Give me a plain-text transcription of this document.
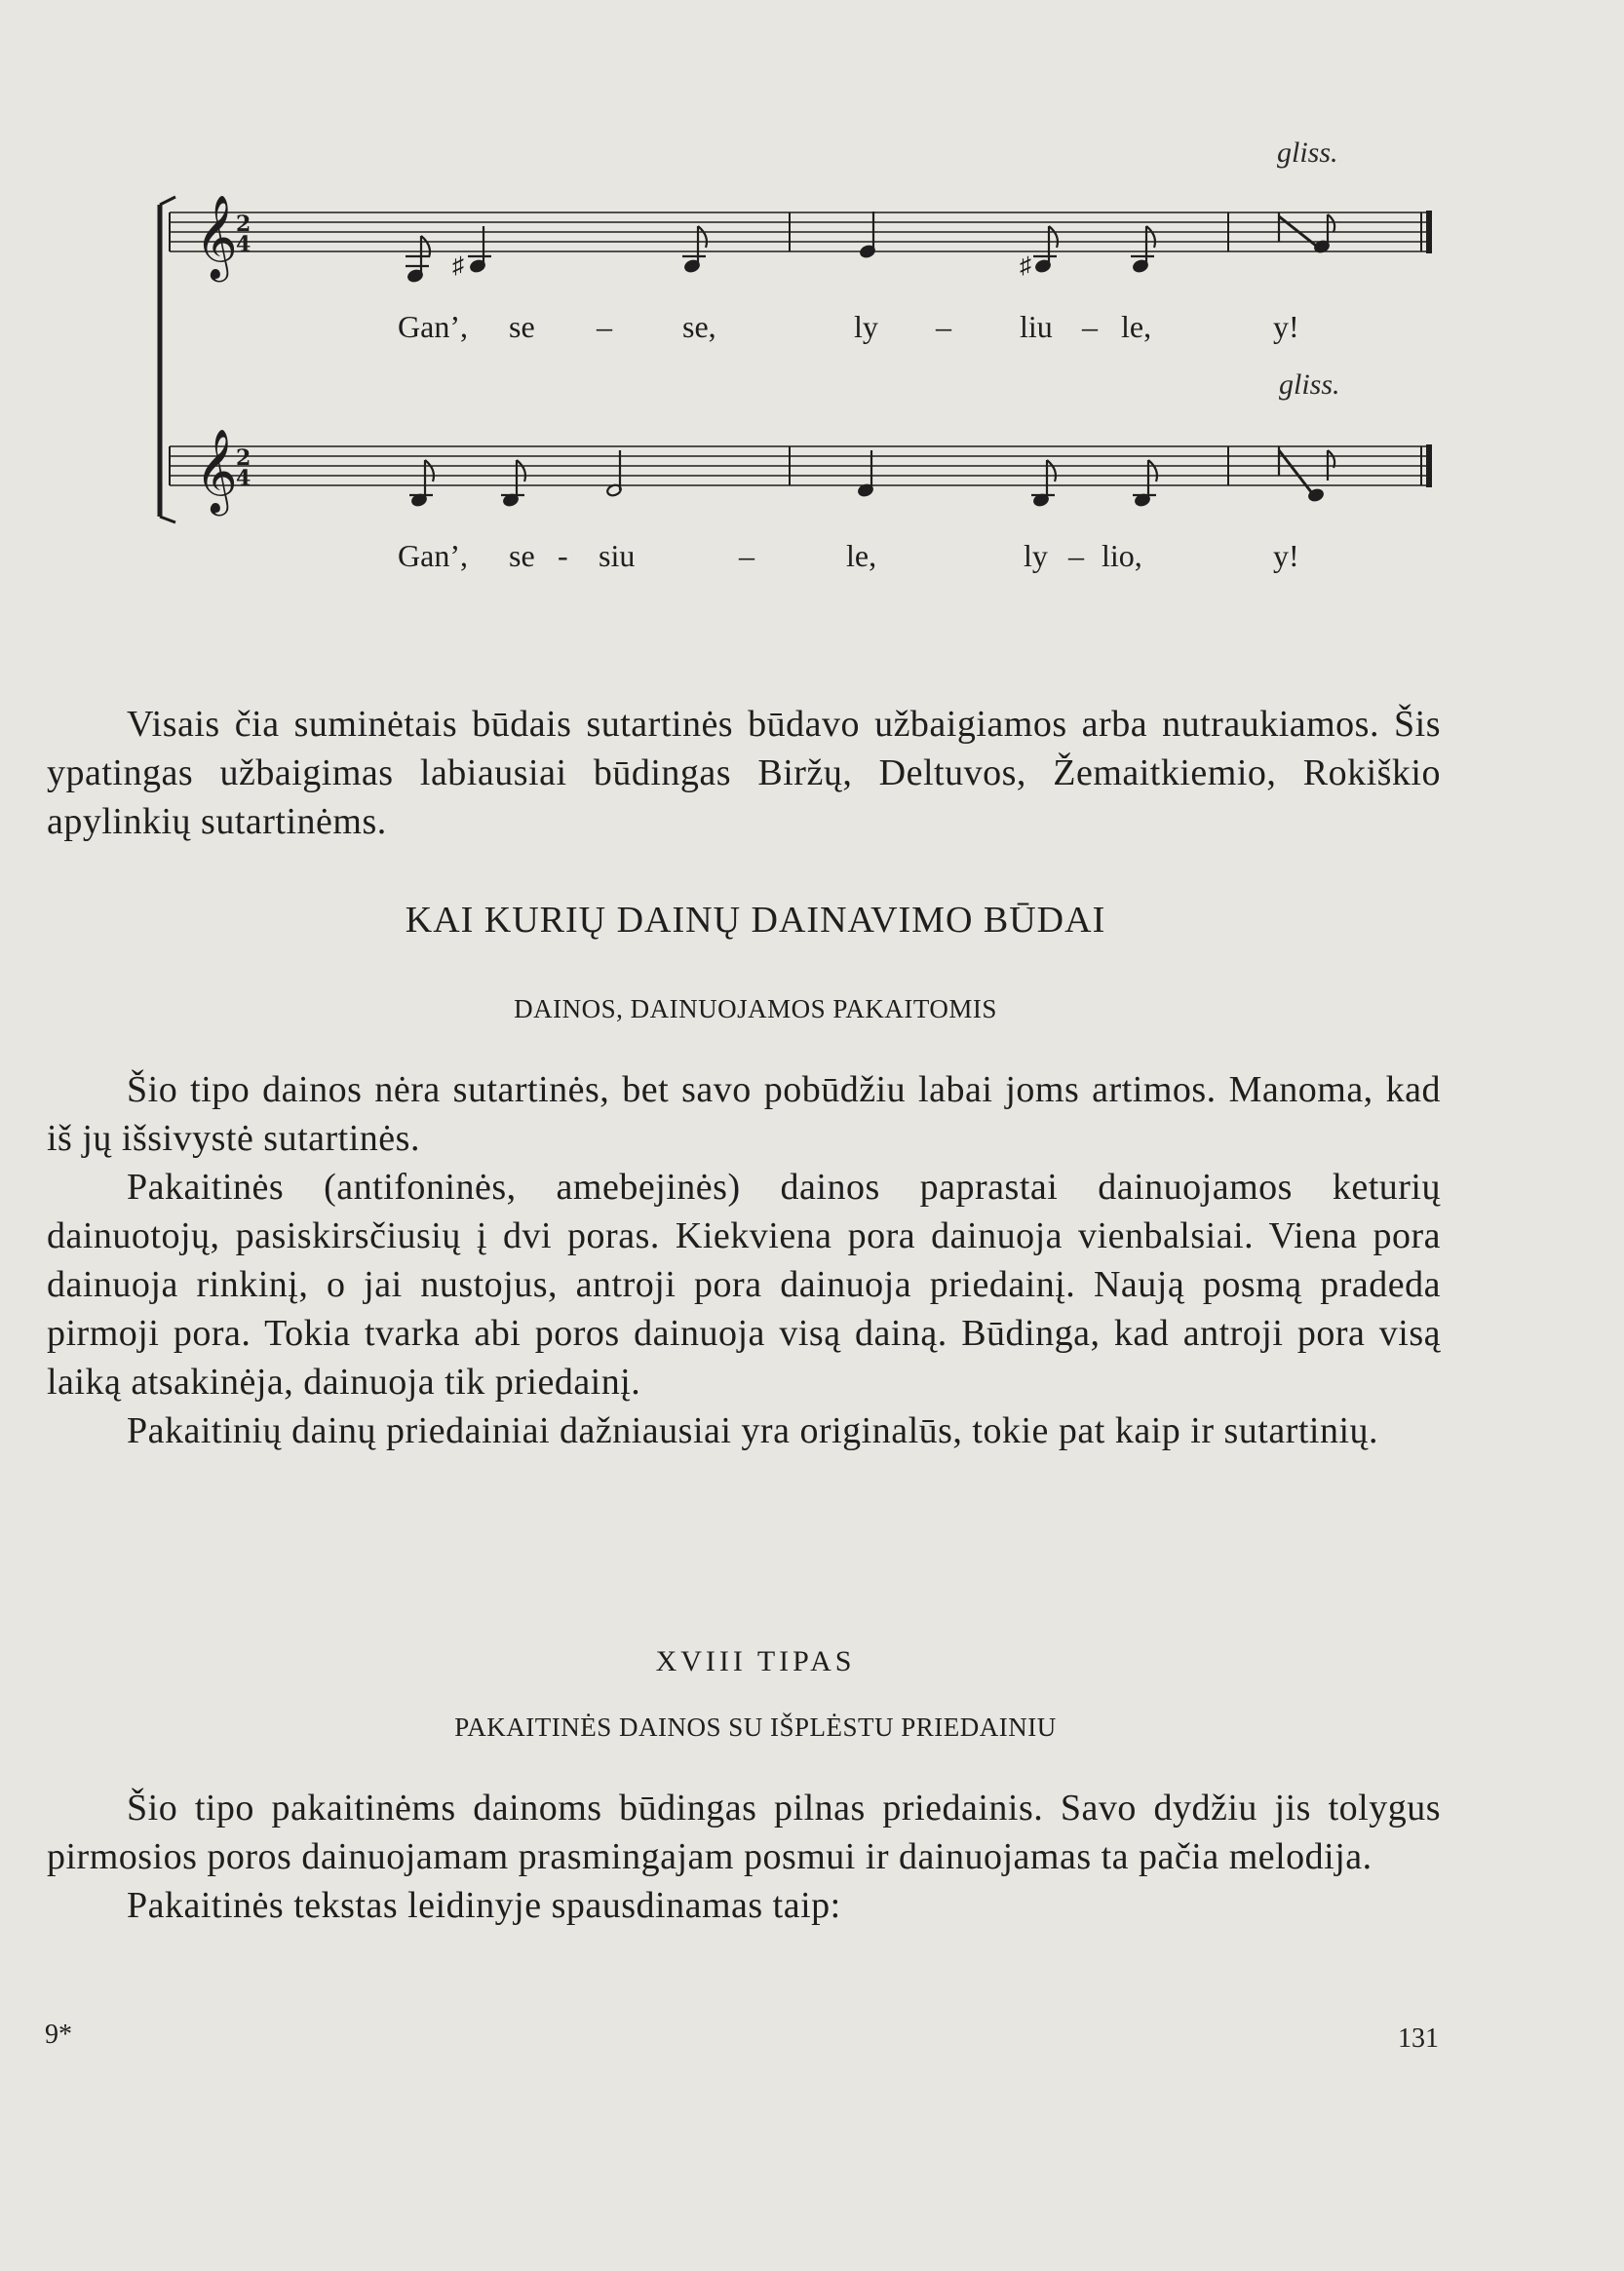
gliss.
gliss.
𝄞
𝄞
2
4
2
4
♯	♯
Gan’, se – se,	ly – liu – le,	y!
Gan’, se - siu	–	le,	ly – lio,	y!

Visais čia suminėtais būdais sutartinės būdavo užbaigiamos arba nutraukiamos. Šis ypatingas užbaigimas labiausiai būdingas Biržų, Deltuvos, Žemaitkiemio, Rokiškio apylinkių sutartinėms.

KAI KURIŲ DAINŲ DAINAVIMO BŪDAI
DAINOS, DAINUOJAMOS PAKAITOMIS

Šio tipo dainos nėra sutartinės, bet savo pobūdžiu labai joms artimos. Manoma, kad iš jų išsivystė sutartinės.

Pakaitinės (antifoninės, amebejinės) dainos paprastai dainuojamos keturių dainuotojų, pasiskirsčiusių į dvi poras. Kiekviena pora dainuoja vienbalsiai. Viena pora dainuoja rinkinį, o jai nustojus, antroji pora dainuoja priedainį. Naują posmą pradeda pirmoji pora. Tokia tvarka abi poros dainuoja visą dainą. Būdinga, kad antroji pora visą laiką atsakinėja, dainuoja tik priedainį.

Pakaitinių dainų priedainiai dažniausiai yra originalūs, tokie pat kaip ir sutartinių.

XVIII TIPAS
PAKAITINĖS DAINOS SU IŠPLĖSTU PRIEDAINIU

Šio tipo pakaitinėms dainoms būdingas pilnas priedainis. Savo dydžiu jis tolygus pirmosios poros dainuojamam prasmingajam posmui ir dainuojamas ta pačia melodija.

Pakaitinės tekstas leidinyje spausdinamas taip:

9*	131
